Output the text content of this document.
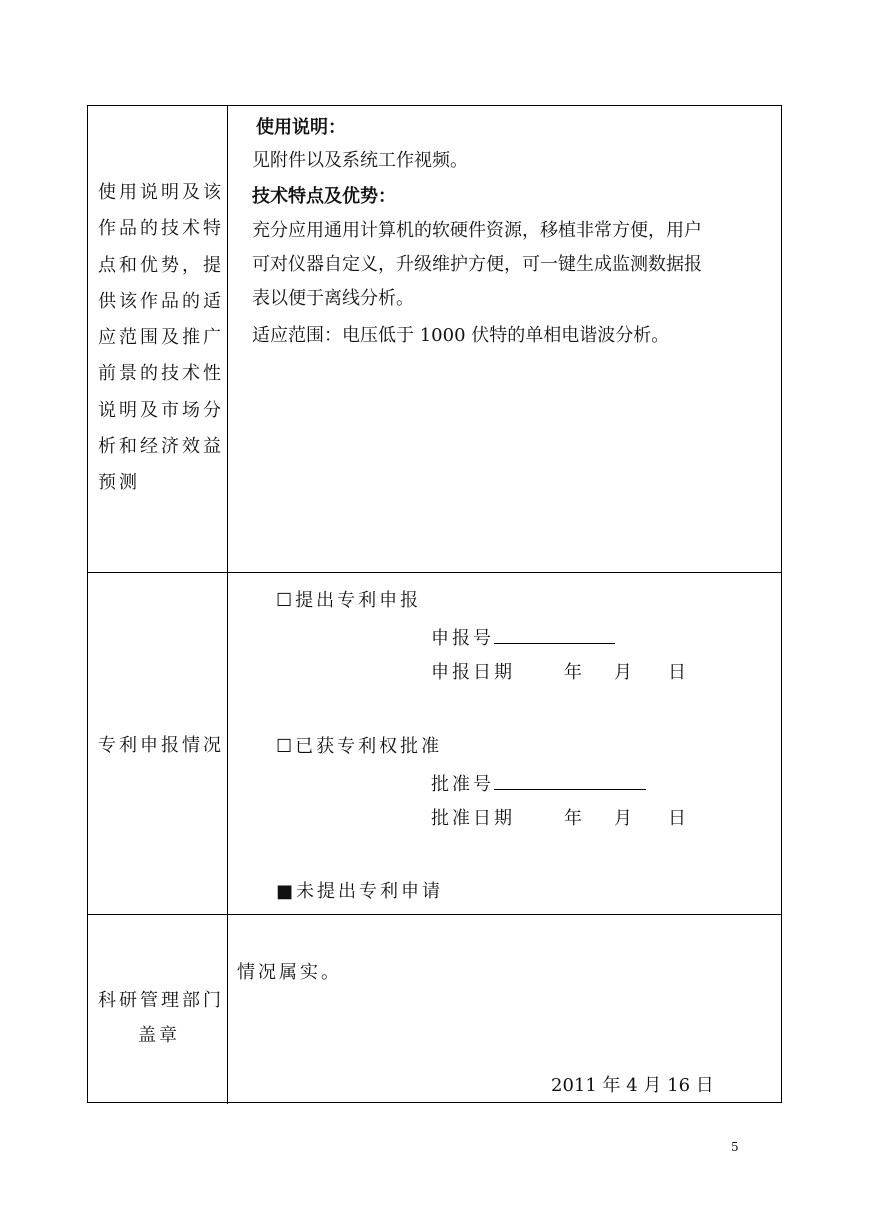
使用说明及该
作品的技术特
点和优势，提
供该作品的适
应范围及推广
前景的技术性
说明及市场分
析和经济效益
预测
使用说明：
见附件以及系统工作视频。
技术特点及优势：
充分应用通用计算机的软硬件资源，移植非常方便，用户
可对仪器自定义，升级维护方便，可一键生成监测数据报
表以便于离线分析。
适应范围：电压低于 1000 伏特的单相电谐波分析。
专利申报情况
☐提出专利申报
申报号
申报日期	年 月 日
☐已获专利权批准
批准号
批准日期	年 月 日
■未提出专利申请
科研管理部门
盖章
情况属实。
2011 年 4 月 16 日
5
